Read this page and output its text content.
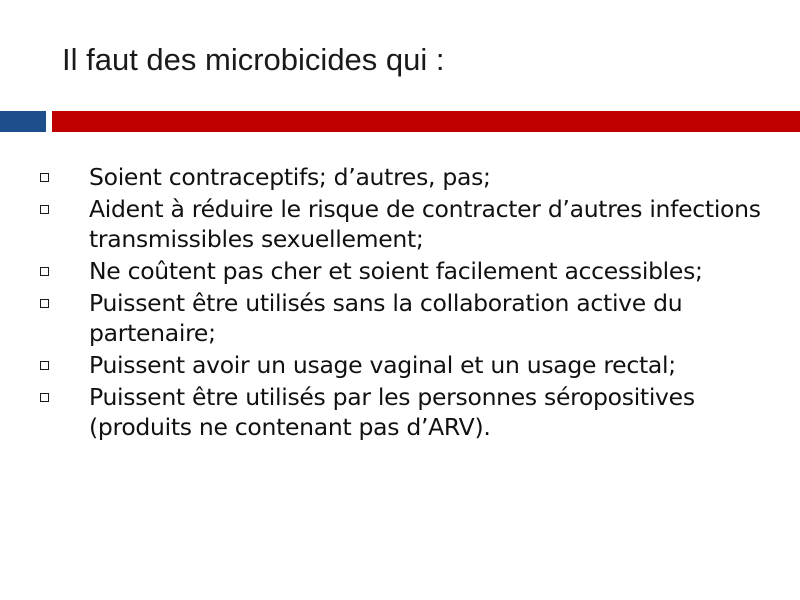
Il faut des microbicides qui :
Soient contraceptifs; d’autres, pas;
Aident à réduire le risque de contracter d’autres infections transmissibles sexuellement;
Ne coûtent pas cher et soient facilement accessibles;
Puissent être utilisés sans la collaboration active du partenaire;
Puissent avoir un usage vaginal et un usage rectal;
Puissent être utilisés par les personnes séropositives (produits ne contenant pas d’ARV).
